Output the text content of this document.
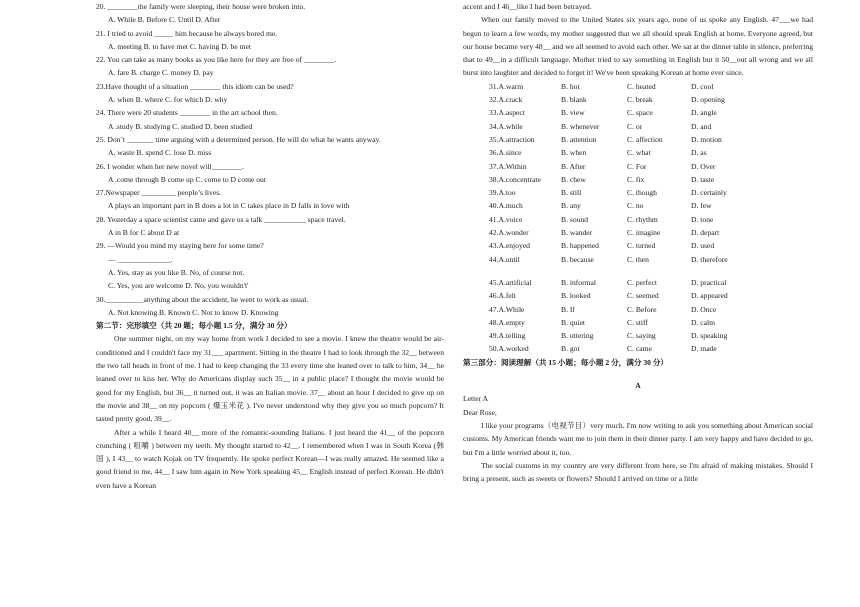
20. ________the family were sleeping, their house were broken into.
A. While B. Before C. Until D. After
21. I tried to avoid _____ him because he always bored me.
A. meeting B. to have met C. having D. be met
22. You can take as many books as you like here for they are free of ________.
A. fare B. charge C. money D. pay
23.Have thought of a situation ________ this idiom can be used?
A. when B. where C. for which D. why
24. There were 20 students ________ in the art school then.
A .study B. studying C. studied D. been studied
25. Don’t _______ time arguing with a determined person. He will do what he wants anyway.
A. waste B. spend C. lose D. miss
26. I wonder when her new novel will________.
A .come through B come up C. come to D come out
27.Newspaper _________ people’s lives.
A plays an important part in B does a lot in C takes place in D falls in love with
28. Yesterday a space scientist came and gave us a talk ___________ space travel.
A in B for C about D at
29. —Would you mind my staying here for some time?
— ______________.
A. Yes, stay as you like B. No, of course not.
C. Yes, you are welcome D. No, you wouldn't'
30.__________anything about the accident, he went to work as usual.
A. Not knowing B. Known C. Not to know D. Knowing
第二节：完形填空（共 20 题；每小题 1.5 分，满分 30 分）
One summer night, on my way home from work I decided to see a movie. I knew the theatre would be air-conditioned and I couldn't face my 31___ apartment. Sitting in the theatre I had to look through the 32__ between the two tall heads in front of me. I had to keep changing the 33 every time she leaned over to talk to him, 34__ he leaned over to kiss her. Why do Americans display such 35__ in a public place? I thought the movie would be good for my English, but 36__ it turned out, it was an Italian movie. 37__ about an hour I decided to give up on the movie and 38__ on my popcorn ( 爆玉米花 ). I've never understood why they give you so much popcorn? It tasted pretty good, 39__.
After a while I heard 40__ more of the romantic-sounding Italians. I just heard the 41__ of the popcorn crunching ( 咀嚼 ) between my teeth. My thought started to 42__. I remembered when I was in South Korea (韩国 ), I 43__ to watch Kojak on TV frequently. He spoke perfect Korean—I was really amazed. He seemed like a good friend to me, 44__ I saw him again in New York speaking 45__ English instead of perfect Korean. He didn't even have a Korean
accent and I 46__like I had been betrayed.
When our family moved to the United States six years ago, none of us spoke any English. 47___we had begun to learn a few words, my mother suggested that we all should speak English at home. Everyone agreed, but our house became very 48__ and we all seemed to avoid each other. We sat at the dinner table in silence, preferring that to 49__in a difficult language. Mother tried to say something in English but it 50__out all wrong and we all burst into laughter and decided to forget it! We've been speaking Korean at home ever since.
31.A.warm	B. hot	C. heated	D. cool
32.A.crack	B. blank	C. break	D. opening
33.A.aspect	B. view	C. space	D. angle
34.A.while	B. whenever	C. or	D. and
35.A.attraction	B. attention	C. affection	D. motion
36.A.since	B. when	C. what	D. as
37.A.Within	B. After	C. For	D. Over
38.A.concentrate	B. chew	C. fix	D. taste
39.A.too	B. still	C. though	D. certainly
40.A.much	B. any	C. no	D. few
41.A.voice	B. sound	C. rhythm	D. tone
42.A.wonder	B. wander	C. imagine	D. depart
43.A.enjoyed	B. happened	C. turned	D. used
44.A.until	B. because	C. then	D. therefore
45.A.artificial	B. informal	C. perfect	D. practical
46.A.felt	B. looked	C. seemed	D. appeared
47.A.While	B. If	C. Before	D. Once
48.A.empty	B. quiet	C. stiff	D. calm
49.A.telling	B. uttering	C. saying	D. speaking
50.A.worked	B. got	C. came	D. made
第三部分：阅读理解（共 15 小题；每小题 2 分，满分 30 分）
A
Letter A
Dear Rose,
I like your programs（电视节目）very much. I'm now writing to ask you something about American social customs. My American friends want me to join them in their dinner party. I am very happy and have decided to go, but I'm a little worried about it, too.
The social customs in my country are very different from here, so I'm afraid of making mistakes. Should I bring a present, such as sweets or flowers? Should I arrived on time or a little
